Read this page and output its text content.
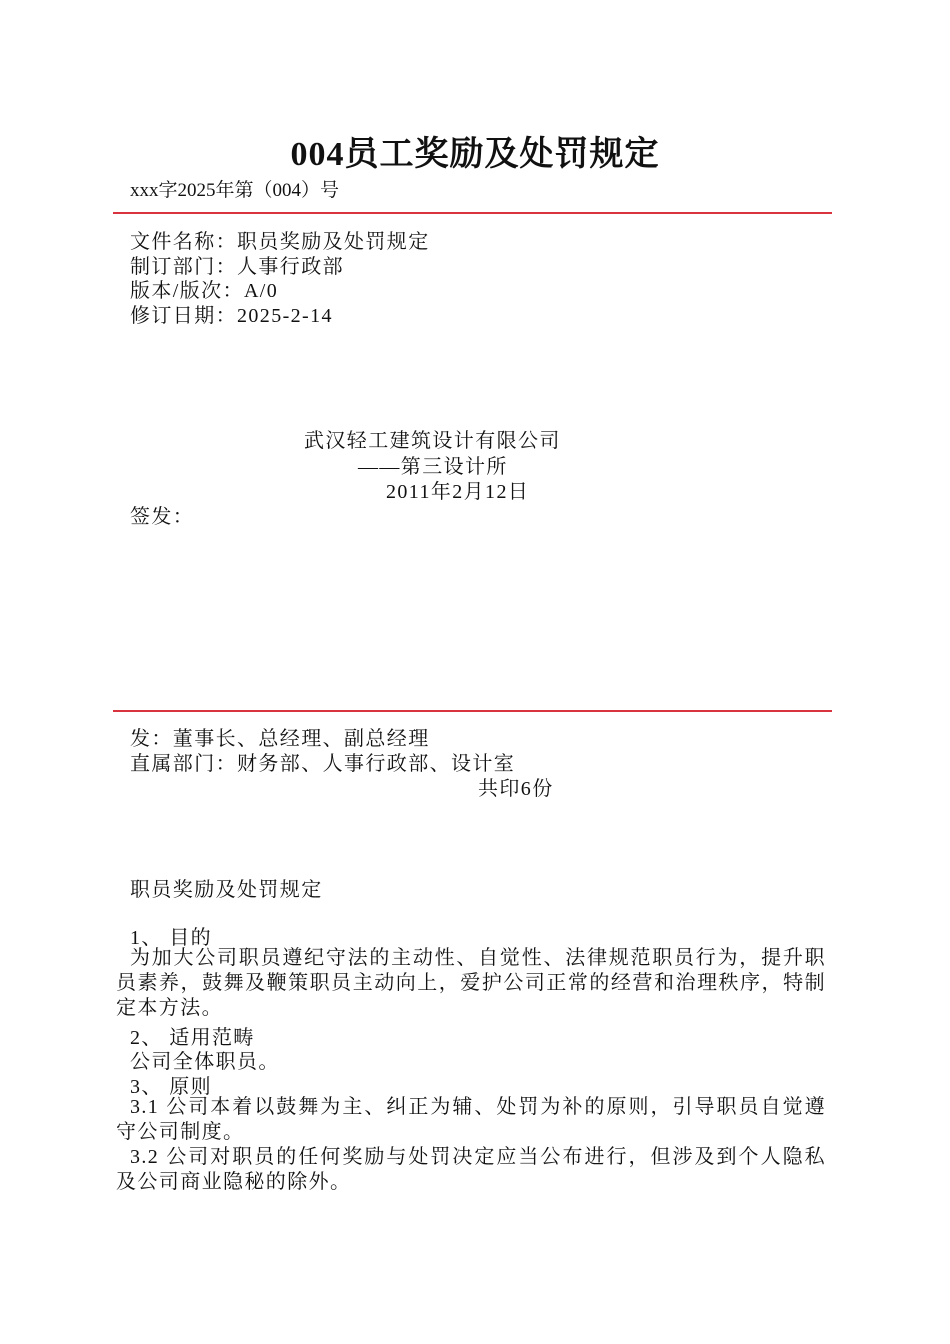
004员工奖励及处罚规定
xxx字2025年第（004）号
文件名称：职员奖励及处罚规定
制订部门：人事行政部
版本/版次：A/0
修订日期：2025-2-14
武汉轻工建筑设计有限公司
——第三设计所
2011年2月12日
签发：
发：董事长、总经理、副总经理
直属部门：财务部、人事行政部、设计室
共印6份
职员奖励及处罚规定
1、 目的
为加大公司职员遵纪守法的主动性、自觉性、法律规范职员行为，提升职员素养，鼓舞及鞭策职员主动向上，爱护公司正常的经营和治理秩序，特制定本方法。
2、 适用范畴
公司全体职员。
3、 原则
3.1 公司本着以鼓舞为主、纠正为辅、处罚为补的原则，引导职员自觉遵守公司制度。
3.2 公司对职员的任何奖励与处罚决定应当公布进行，但涉及到个人隐私及公司商业隐秘的除外。
